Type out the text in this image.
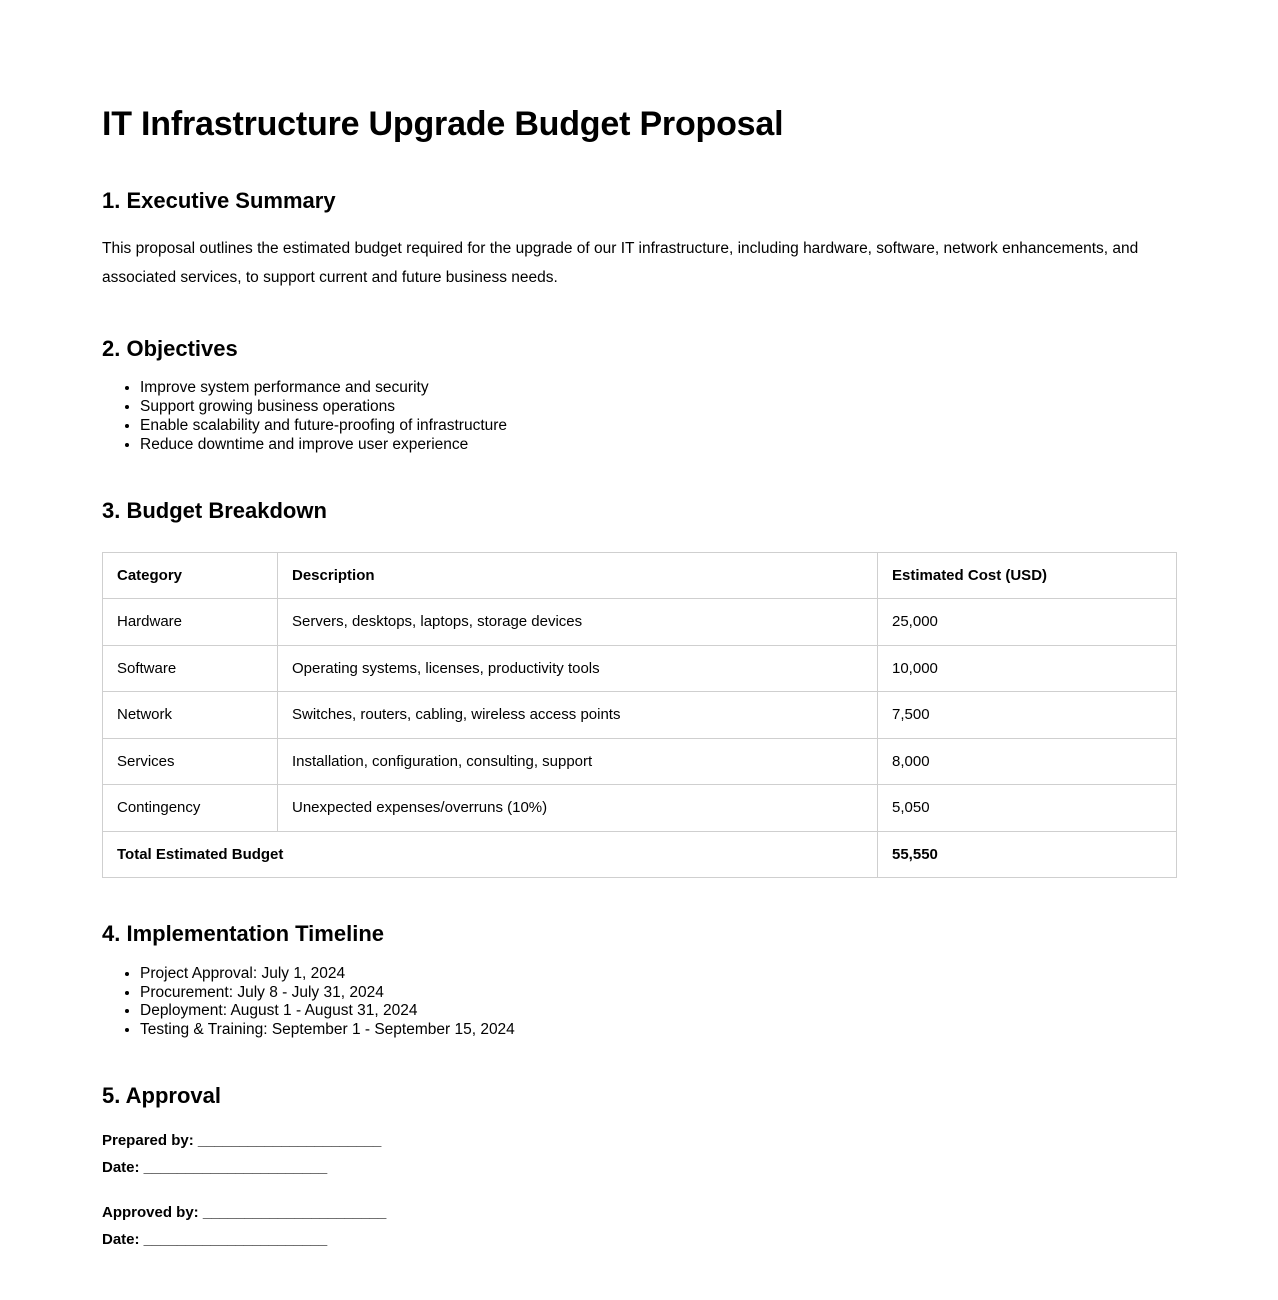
IT Infrastructure Upgrade Budget Proposal
1. Executive Summary

This proposal outlines the estimated budget required for the upgrade of our IT infrastructure, including hardware, software, network enhancements, and associated services, to support current and future business needs.

2. Objectives
• Improve system performance and security
• Support growing business operations
• Enable scalability and future-proofing of infrastructure
• Reduce downtime and improve user experience
3. Budget Breakdown
Category	Description	Estimated Cost (USD)
Hardware	Servers, desktops, laptops, storage devices	25,000
Software	Operating systems, licenses, productivity tools	10,000
Network	Switches, routers, cabling, wireless access points	7,500
Services	Installation, configuration, consulting, support	8,000
Contingency	Unexpected expenses/overruns (10%)	5,050
Total Estimated Budget		55,550
4. Implementation Timeline
• Project Approval: July 1, 2024
• Procurement: July 8 - July 31, 2024
• Deployment: August 1 - August 31, 2024
• Testing & Training: September 1 - September 15, 2024
5. Approval
Prepared by: ______________________
Date: ______________________
Approved by: ______________________
Date: ______________________
